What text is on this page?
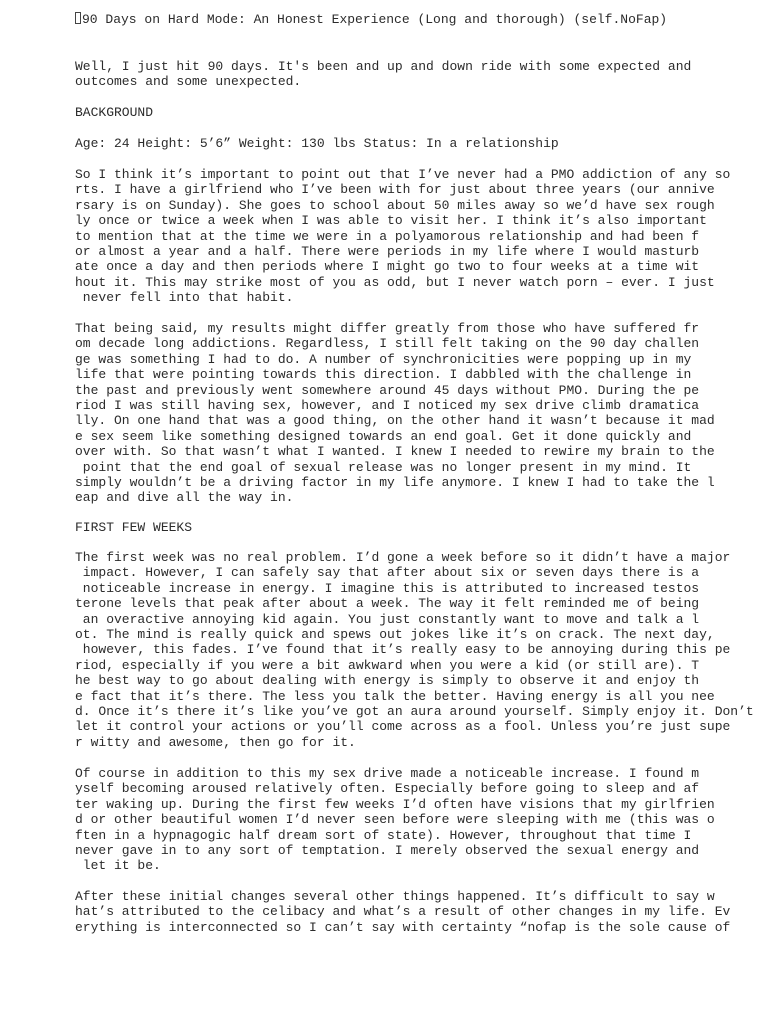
90 Days on Hard Mode: An Honest Experience (Long and thorough) (self.NoFap)

Well, I just hit 90 days. It's been and up and down ride with some expected and
outcomes and some unexpected.
BACKGROUND
Age: 24 Height: 5’6” Weight: 130 lbs Status: In a relationship
So I think it’s important to point out that I’ve never had a PMO addiction of any so
rts. I have a girlfriend who I’ve been with for just about three years (our annive
rsary is on Sunday). She goes to school about 50 miles away so we’d have sex rough
ly once or twice a week when I was able to visit her. I think it’s also important
to mention that at the time we were in a polyamorous relationship and had been f
or almost a year and a half. There were periods in my life where I would masturb
ate once a day and then periods where I might go two to four weeks at a time wit
hout it. This may strike most of you as odd, but I never watch porn – ever. I just
never fell into that habit.
That being said, my results might differ greatly from those who have suffered fr
om decade long addictions. Regardless, I still felt taking on the 90 day challen
ge was something I had to do. A number of synchronicities were popping up in my
life that were pointing towards this direction. I dabbled with the challenge in
the past and previously went somewhere around 45 days without PMO. During the pe
riod I was still having sex, however, and I noticed my sex drive climb dramatica
lly. On one hand that was a good thing, on the other hand it wasn’t because it mad
e sex seem like something designed towards an end goal. Get it done quickly and
over with. So that wasn’t what I wanted. I knew I needed to rewire my brain to the
point that the end goal of sexual release was no longer present in my mind. It
simply wouldn’t be a driving factor in my life anymore. I knew I had to take the l
eap and dive all the way in.
FIRST FEW WEEKS
The first week was no real problem. I’d gone a week before so it didn’t have a major
impact. However, I can safely say that after about six or seven days there is a
noticeable increase in energy. I imagine this is attributed to increased testos
terone levels that peak after about a week. The way it felt reminded me of being
an overactive annoying kid again. You just constantly want to move and talk a l
ot. The mind is really quick and spews out jokes like it’s on crack. The next day,
however, this fades. I’ve found that it’s really easy to be annoying during this pe
riod, especially if you were a bit awkward when you were a kid (or still are). T
he best way to go about dealing with energy is simply to observe it and enjoy th
e fact that it’s there. The less you talk the better. Having energy is all you nee
d. Once it’s there it’s like you’ve got an aura around yourself. Simply enjoy it. Don’t
let it control your actions or you’ll come across as a fool. Unless you’re just supe
r witty and awesome, then go for it.
Of course in addition to this my sex drive made a noticeable increase. I found m
yself becoming aroused relatively often. Especially before going to sleep and af
ter waking up. During the first few weeks I’d often have visions that my girlfrien
d or other beautiful women I’d never seen before were sleeping with me (this was o
ften in a hypnagogic half dream sort of state). However, throughout that time I
never gave in to any sort of temptation. I merely observed the sexual energy and
let it be.
After these initial changes several other things happened. It’s difficult to say w
hat’s attributed to the celibacy and what’s a result of other changes in my life. Ev
erything is interconnected so I can’t say with certainty “nofap is the sole cause of
